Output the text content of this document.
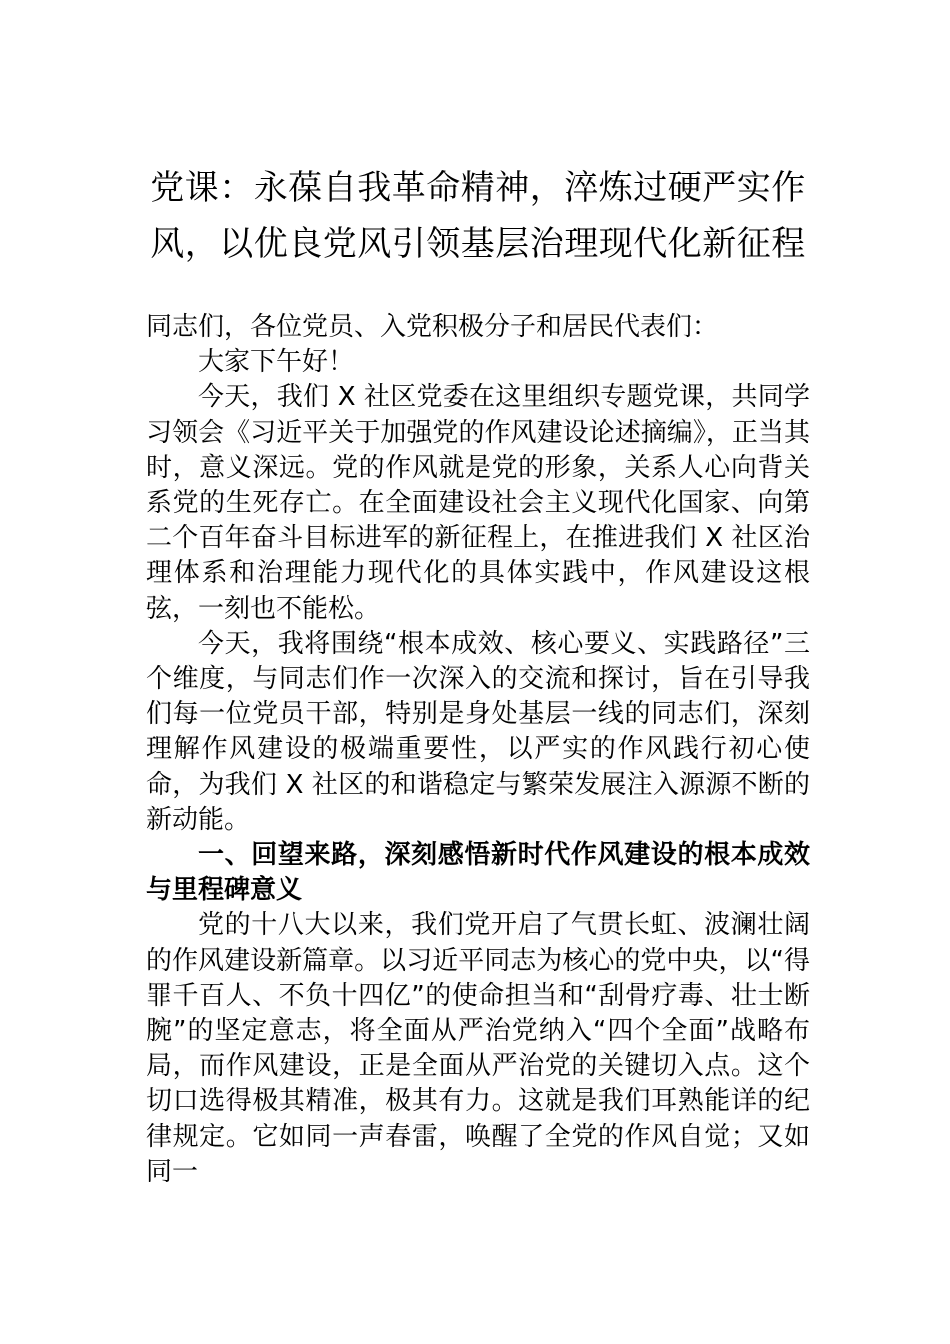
党课：永葆自我革命精神，淬炼过硬严实作风，以优良党风引领基层治理现代化新征程

同志们，各位党员、入党积极分子和居民代表们：

大家下午好！

今天，我们 X 社区党委在这里组织专题党课，共同学习领会《习近平关于加强党的作风建设论述摘编》，正当其时，意义深远。党的作风就是党的形象，关系人心向背关系党的生死存亡。在全面建设社会主义现代化国家、向第二个百年奋斗目标进军的新征程上，在推进我们 X 社区治理体系和治理能力现代化的具体实践中，作风建设这根弦，一刻也不能松。

今天，我将围绕“根本成效、核心要义、实践路径”三个维度，与同志们作一次深入的交流和探讨，旨在引导我们每一位党员干部，特别是身处基层一线的同志们，深刻理解作风建设的极端重要性，以严实的作风践行初心使命，为我们 X 社区的和谐稳定与繁荣发展注入源源不断的新动能。

一、回望来路，深刻感悟新时代作风建设的根本成效与里程碑意义

党的十八大以来，我们党开启了气贯长虹、波澜壮阔的作风建设新篇章。以习近平同志为核心的党中央，以“得罪千百人、不负十四亿”的使命担当和“刮骨疗毒、壮士断腕”的坚定意志，将全面从严治党纳入“四个全面”战略布局，而作风建设，正是全面从严治党的关键切入点。这个切口选得极其精准，极其有力。这就是我们耳熟能详的纪律规定。它如同一声春雷，唤醒了全党的作风自觉；又如同一
